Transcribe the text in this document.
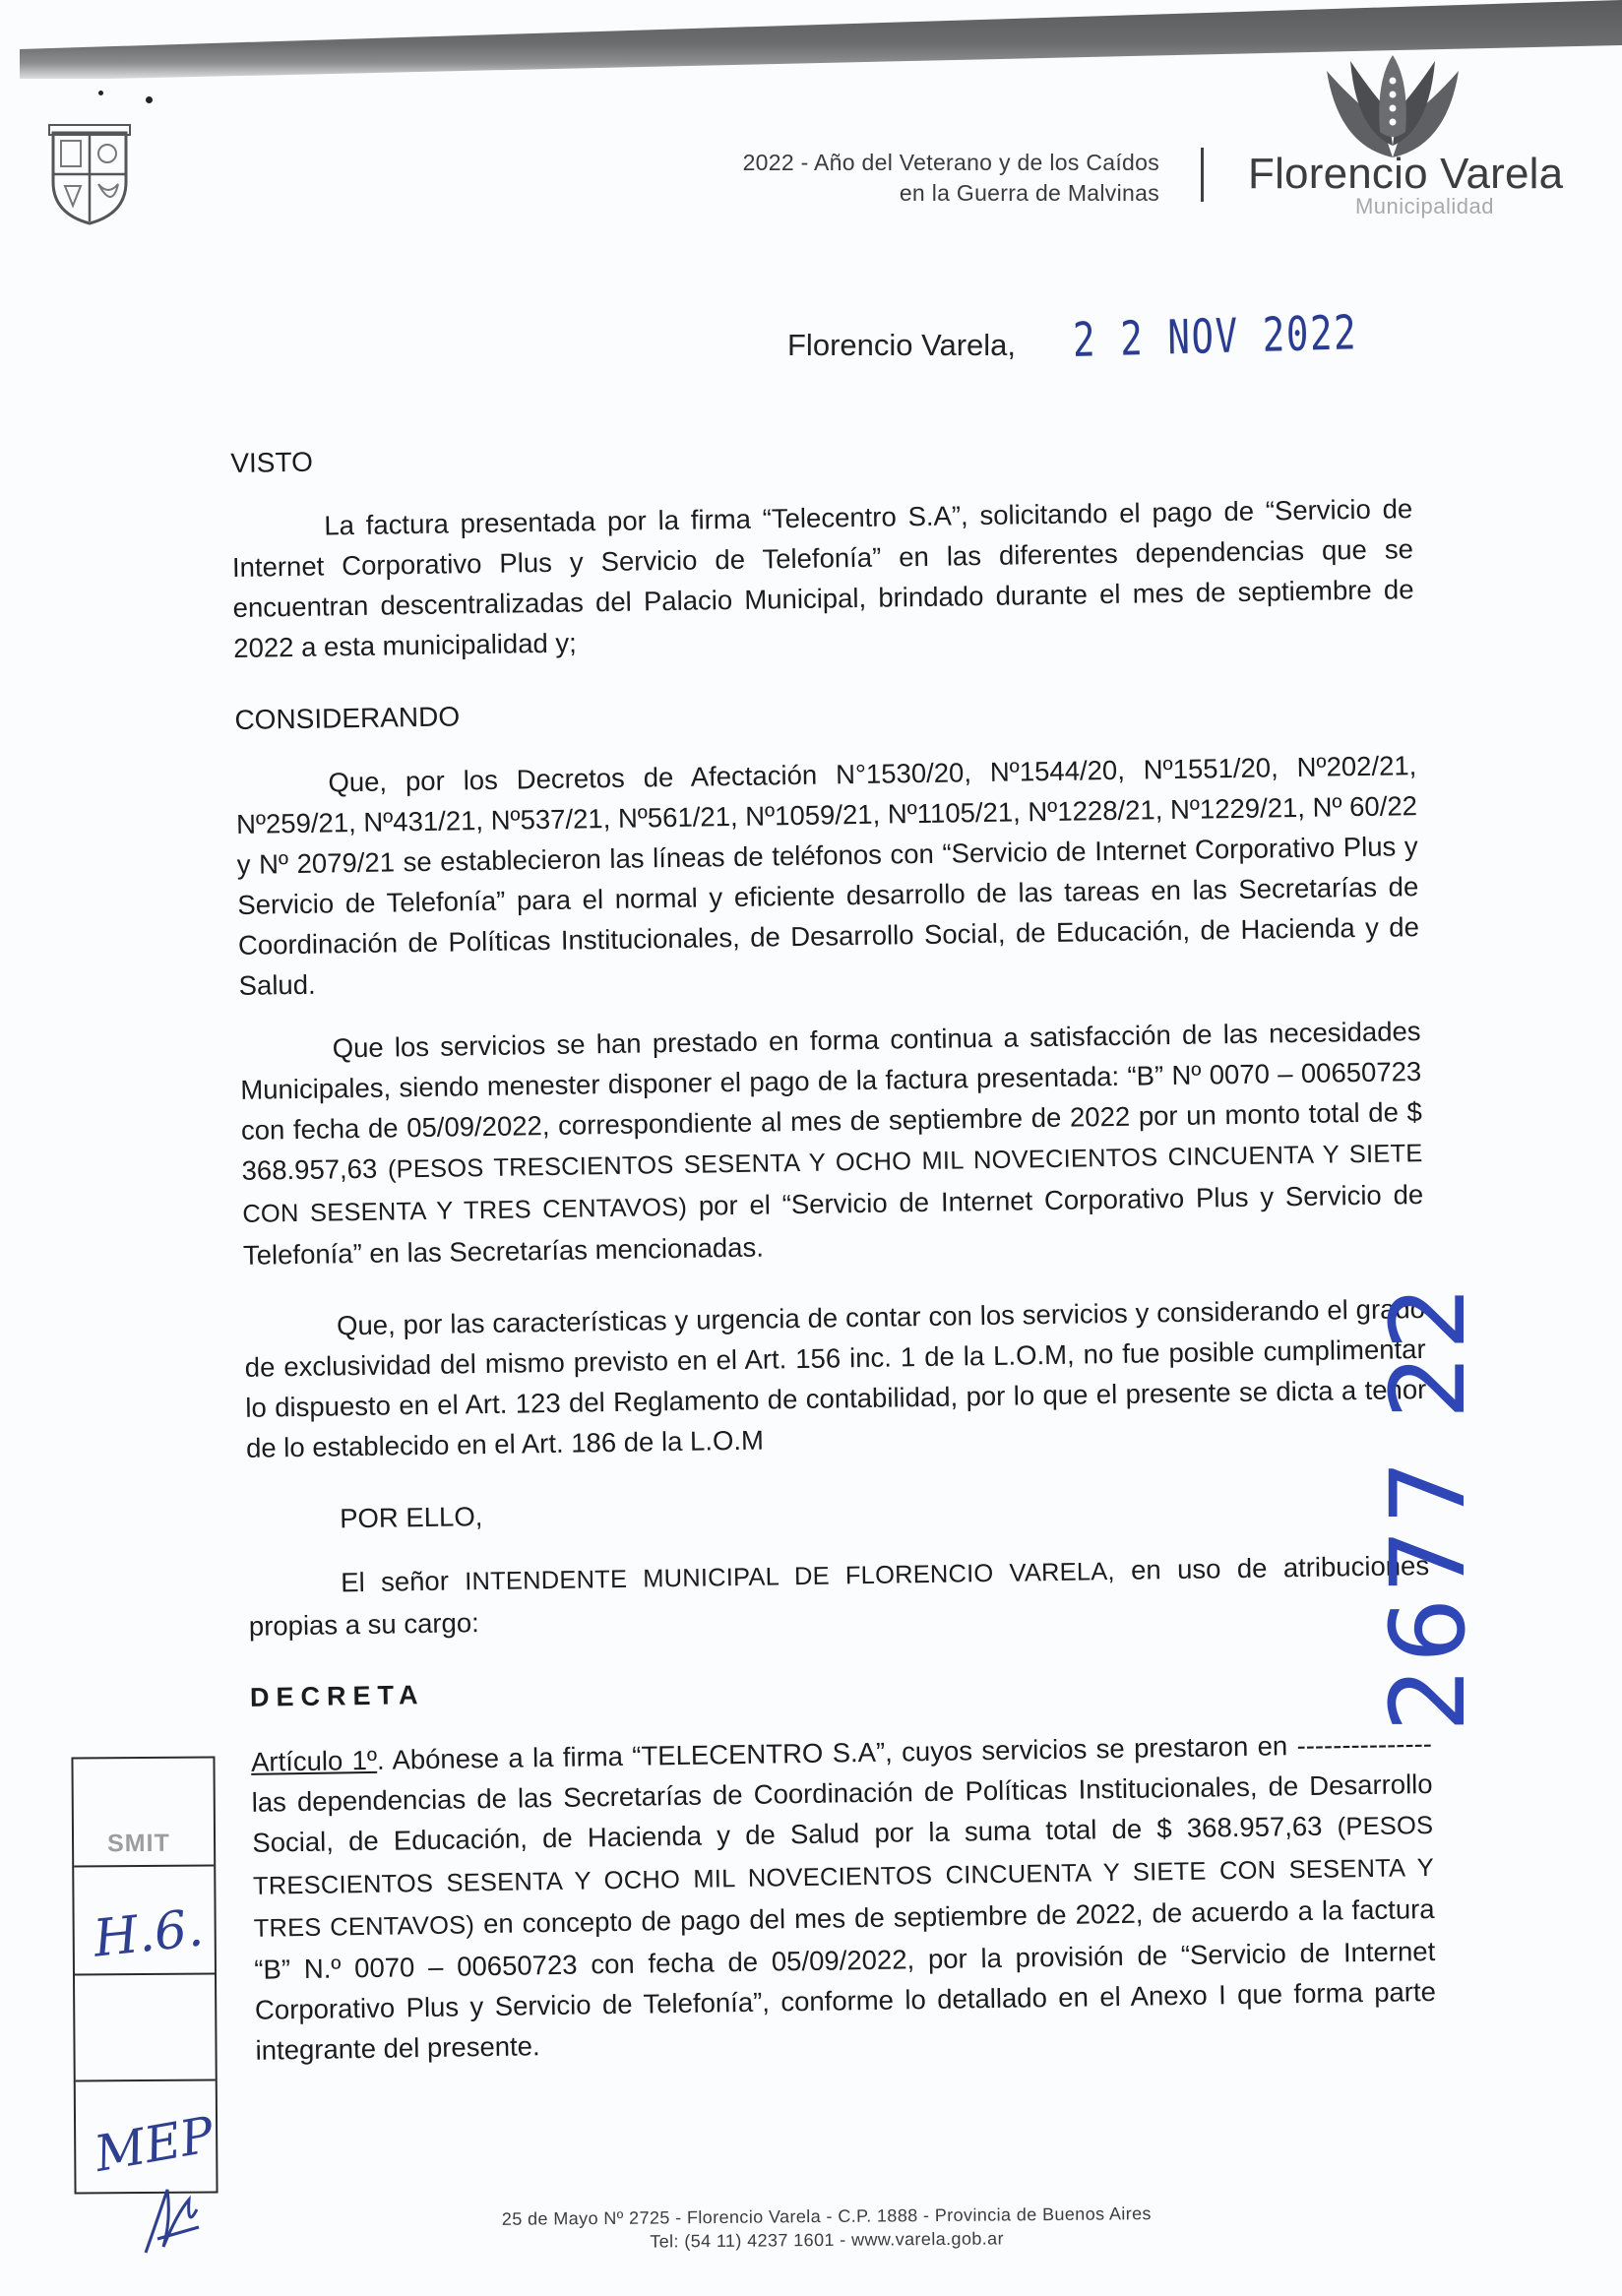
2022 - Año del Veterano y de los Caídos
en la Guerra de Malvinas Florencio Varela
Municipalidad
Florencio Varela, 2 2 NOV 2022

VISTO

La factura presentada por la firma “Telecentro S.A”, solicitando el pago de “Servicio de Internet Corporativo Plus y Servicio de Telefonía” en las diferentes dependencias que se encuentran descentralizadas del Palacio Municipal, brindado durante el mes de septiembre de 2022 a esta municipalidad y;

CONSIDERANDO

Que, por los Decretos de Afectación N°1530/20, Nº1544/20, Nº1551/20, Nº202/21, Nº259/21, Nº431/21, Nº537/21, Nº561/21, Nº1059/21, Nº1105/21, Nº1228/21, Nº1229/21, Nº 60/22 y Nº 2079/21 se establecieron las líneas de teléfonos con “Servicio de Internet Corporativo Plus y Servicio de Telefonía” para el normal y eficiente desarrollo de las tareas en las Secretarías de Coordinación de Políticas Institucionales, de Desarrollo Social, de Educación, de Hacienda y de Salud.

Que los servicios se han prestado en forma continua a satisfacción de las necesidades Municipales, siendo menester disponer el pago de la factura presentada: “B” Nº 0070 – 00650723 con fecha de 05/09/2022, correspondiente al mes de septiembre de 2022 por un monto total de $ 368.957,63 (PESOS TRESCIENTOS SESENTA Y OCHO MIL NOVECIENTOS CINCUENTA Y SIETE CON SESENTA Y TRES CENTAVOS) por el “Servicio de Internet Corporativo Plus y Servicio de Telefonía” en las Secretarías mencionadas.

Que, por las características y urgencia de contar con los servicios y considerando el grado de exclusividad del mismo previsto en el Art. 156 inc. 1 de la L.O.M, no fue posible cumplimentar lo dispuesto en el Art. 123 del Reglamento de contabilidad, por lo que el presente se dicta a tenor de lo establecido en el Art. 186 de la L.O.M

POR ELLO,

El señor INTENDENTE MUNICIPAL DE FLORENCIO VARELA, en uso de atribuciones propias a su cargo:

DECRETA

Artículo 1º. Abónese a la firma “TELECENTRO S.A”, cuyos servicios se prestaron en --------------- las dependencias de las Secretarías de Coordinación de Políticas Institucionales, de Desarrollo Social, de Educación, de Hacienda y de Salud por la suma total de $ 368.957,63 (PESOS TRESCIENTOS SESENTA Y OCHO MIL NOVECIENTOS CINCUENTA Y SIETE CON SESENTA Y TRES CENTAVOS) en concepto de pago del mes de septiembre de 2022, de acuerdo a la factura “B” N.º 0070 – 00650723 con fecha de 05/09/2022, por la provisión de “Servicio de Internet Corporativo Plus y Servicio de Telefonía”, conforme lo detallado en el Anexo I que forma parte integrante del presente.

SMIT
H.6.
MEP
2677 22
25 de Mayo Nº 2725 - Florencio Varela - C.P. 1888 - Provincia de Buenos Aires
Tel: (54 11) 4237 1601 - www.varela.gob.ar
